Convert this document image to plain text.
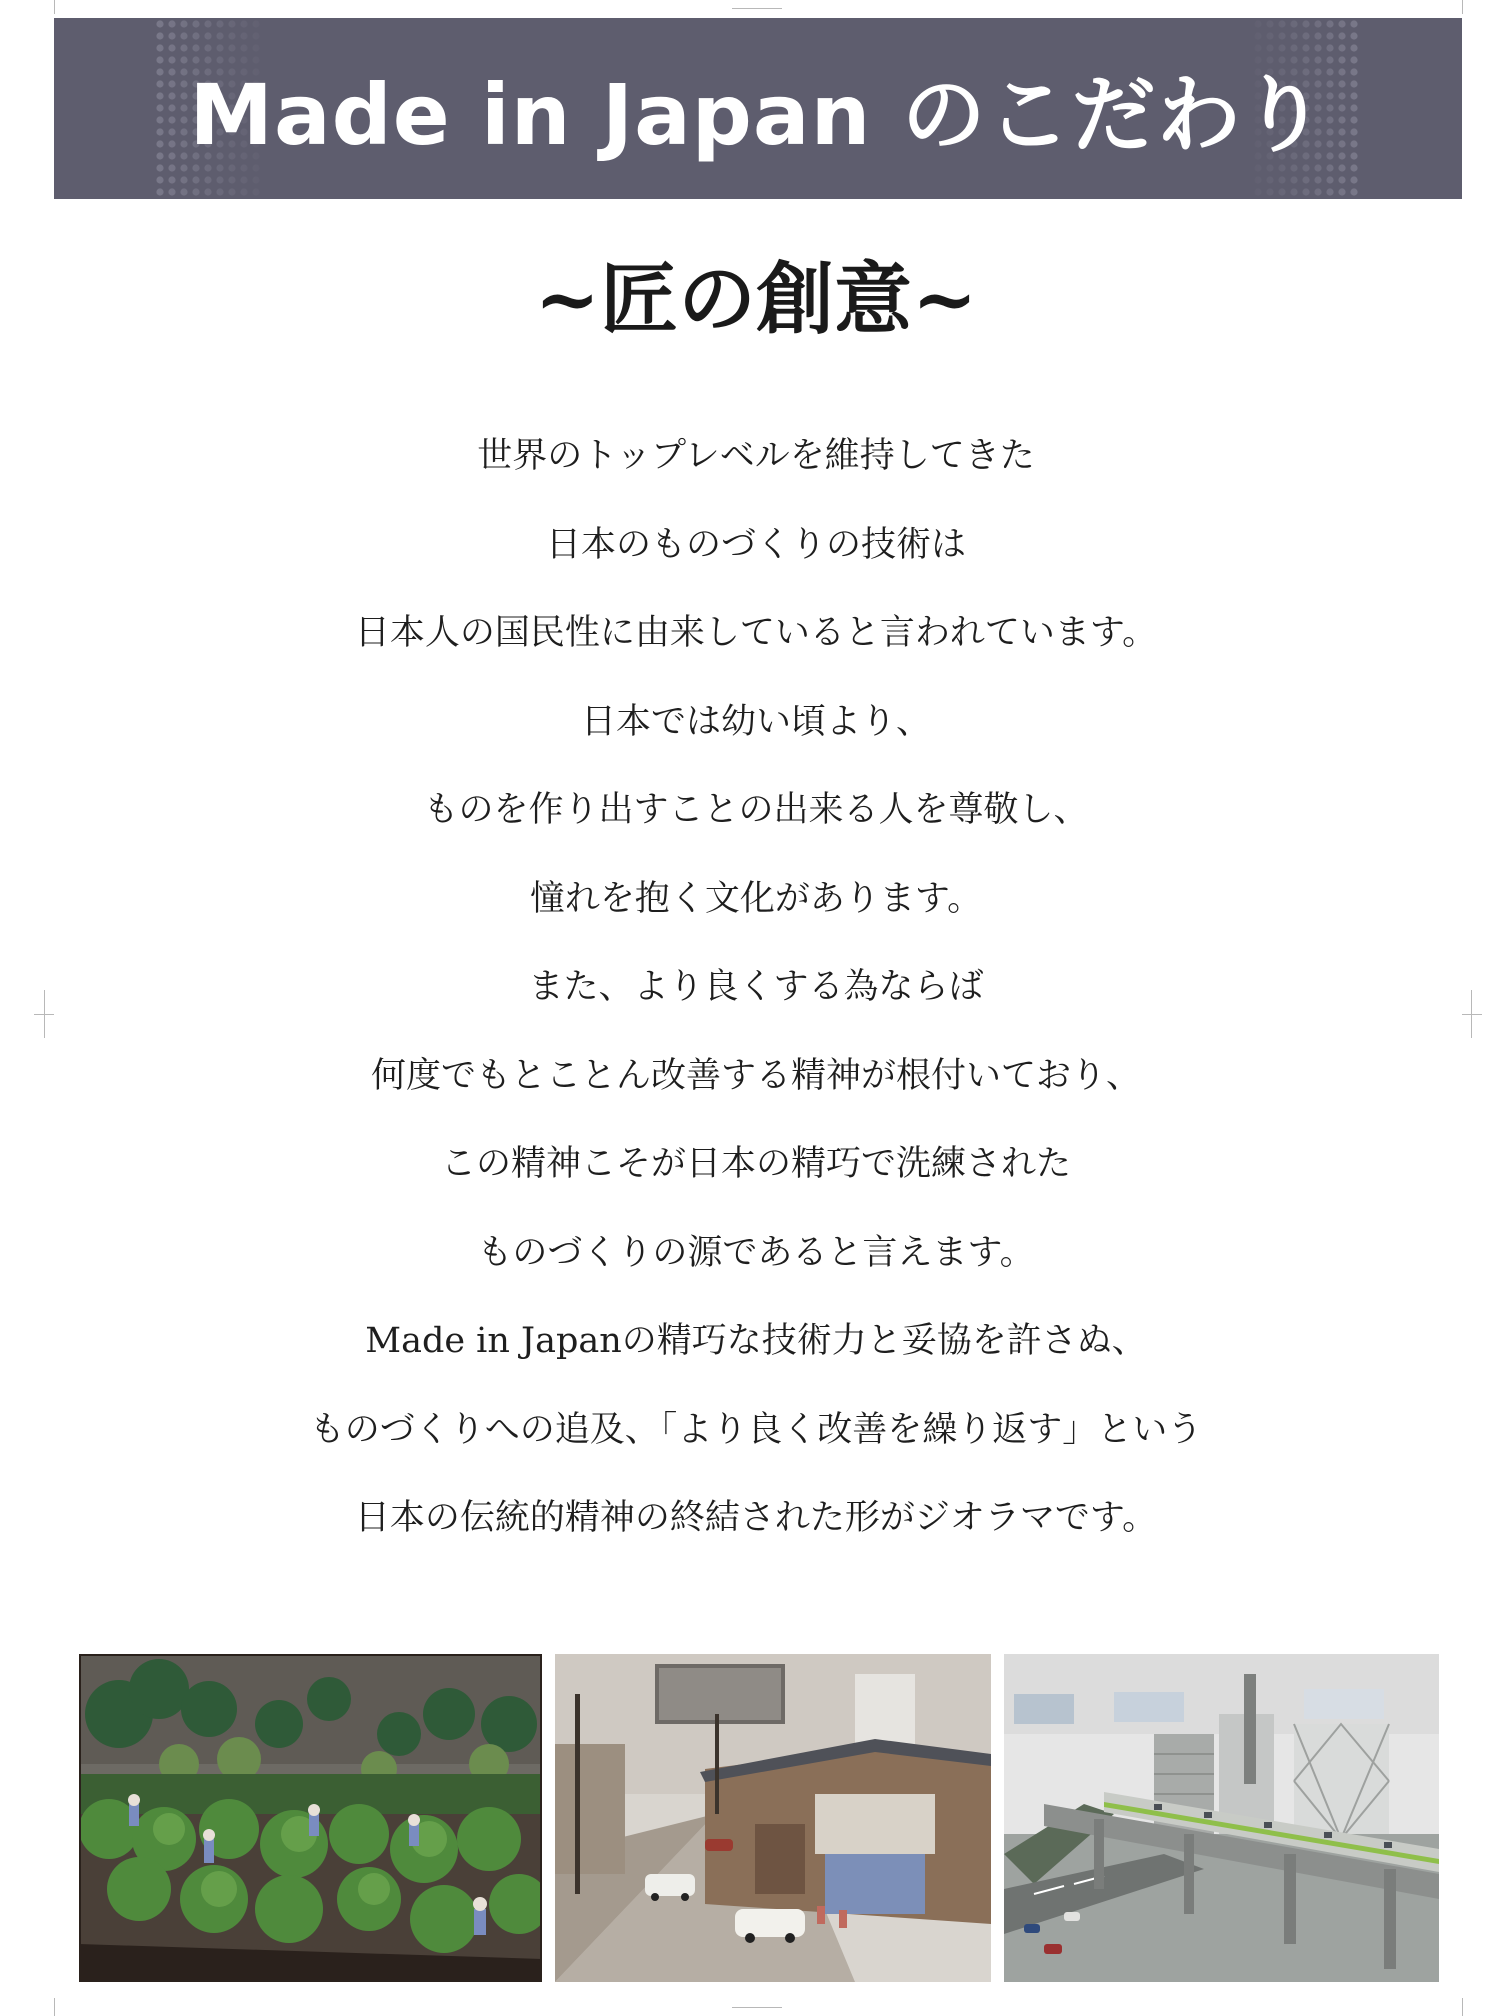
Made in Japan のこだわり
~匠の創意~
世界のトップレベルを維持してきた
日本のものづくりの技術は
日本人の国民性に由来していると言われています。
日本では幼い頃より、
ものを作り出すことの出来る人を尊敬し、
憧れを抱く文化があります。
また、より良くする為ならば
何度でもとことん改善する精神が根付いており、
この精神こそが日本の精巧で洗練された
ものづくりの源であると言えます。
Made in Japanの精巧な技術力と妥協を許さぬ、
ものづくりへの追及、「より良く改善を繰り返す」という
日本の伝統的精神の終結された形がジオラマです。
